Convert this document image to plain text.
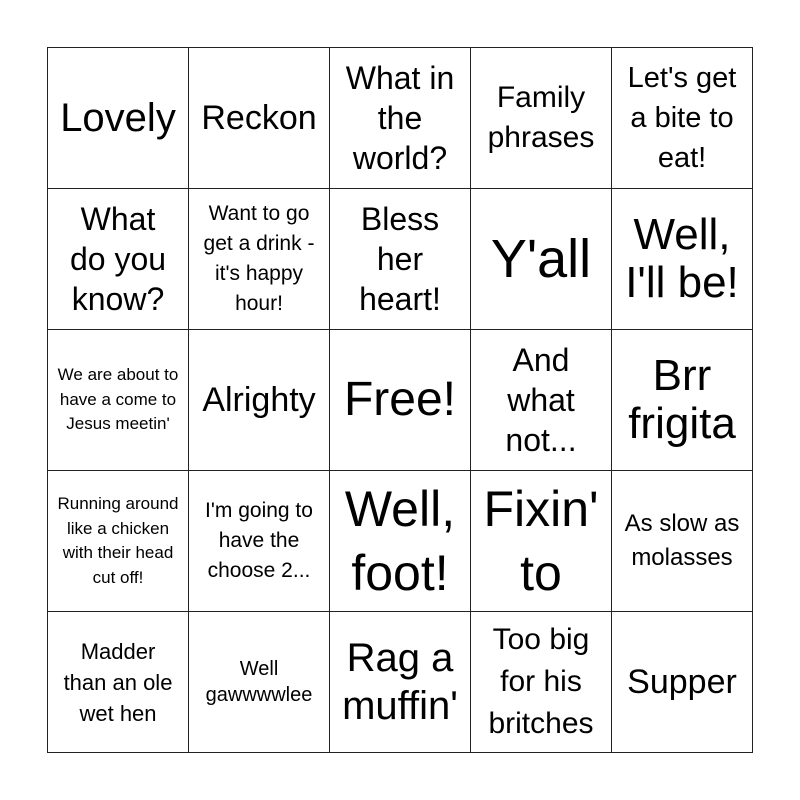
Lovely Reckon
What in the world?
Family phrases
Let's get a bite to eat!
What do you know?
Want to go get a drink - it's happy hour!
Bless her heart!
Y'all Well, I'll be!
We are about to have a come to Jesus meetin'
Alrighty Free!
And what not...
Brr frigita
Running around like a chicken with their head cut off!
I'm going to have the choose 2...
Well, foot!
Fixin' to
As slow as molasses
Madder than an ole wet hen
Well gawwwwlee
Rag a muffin'
Too big for his britches
Supper
